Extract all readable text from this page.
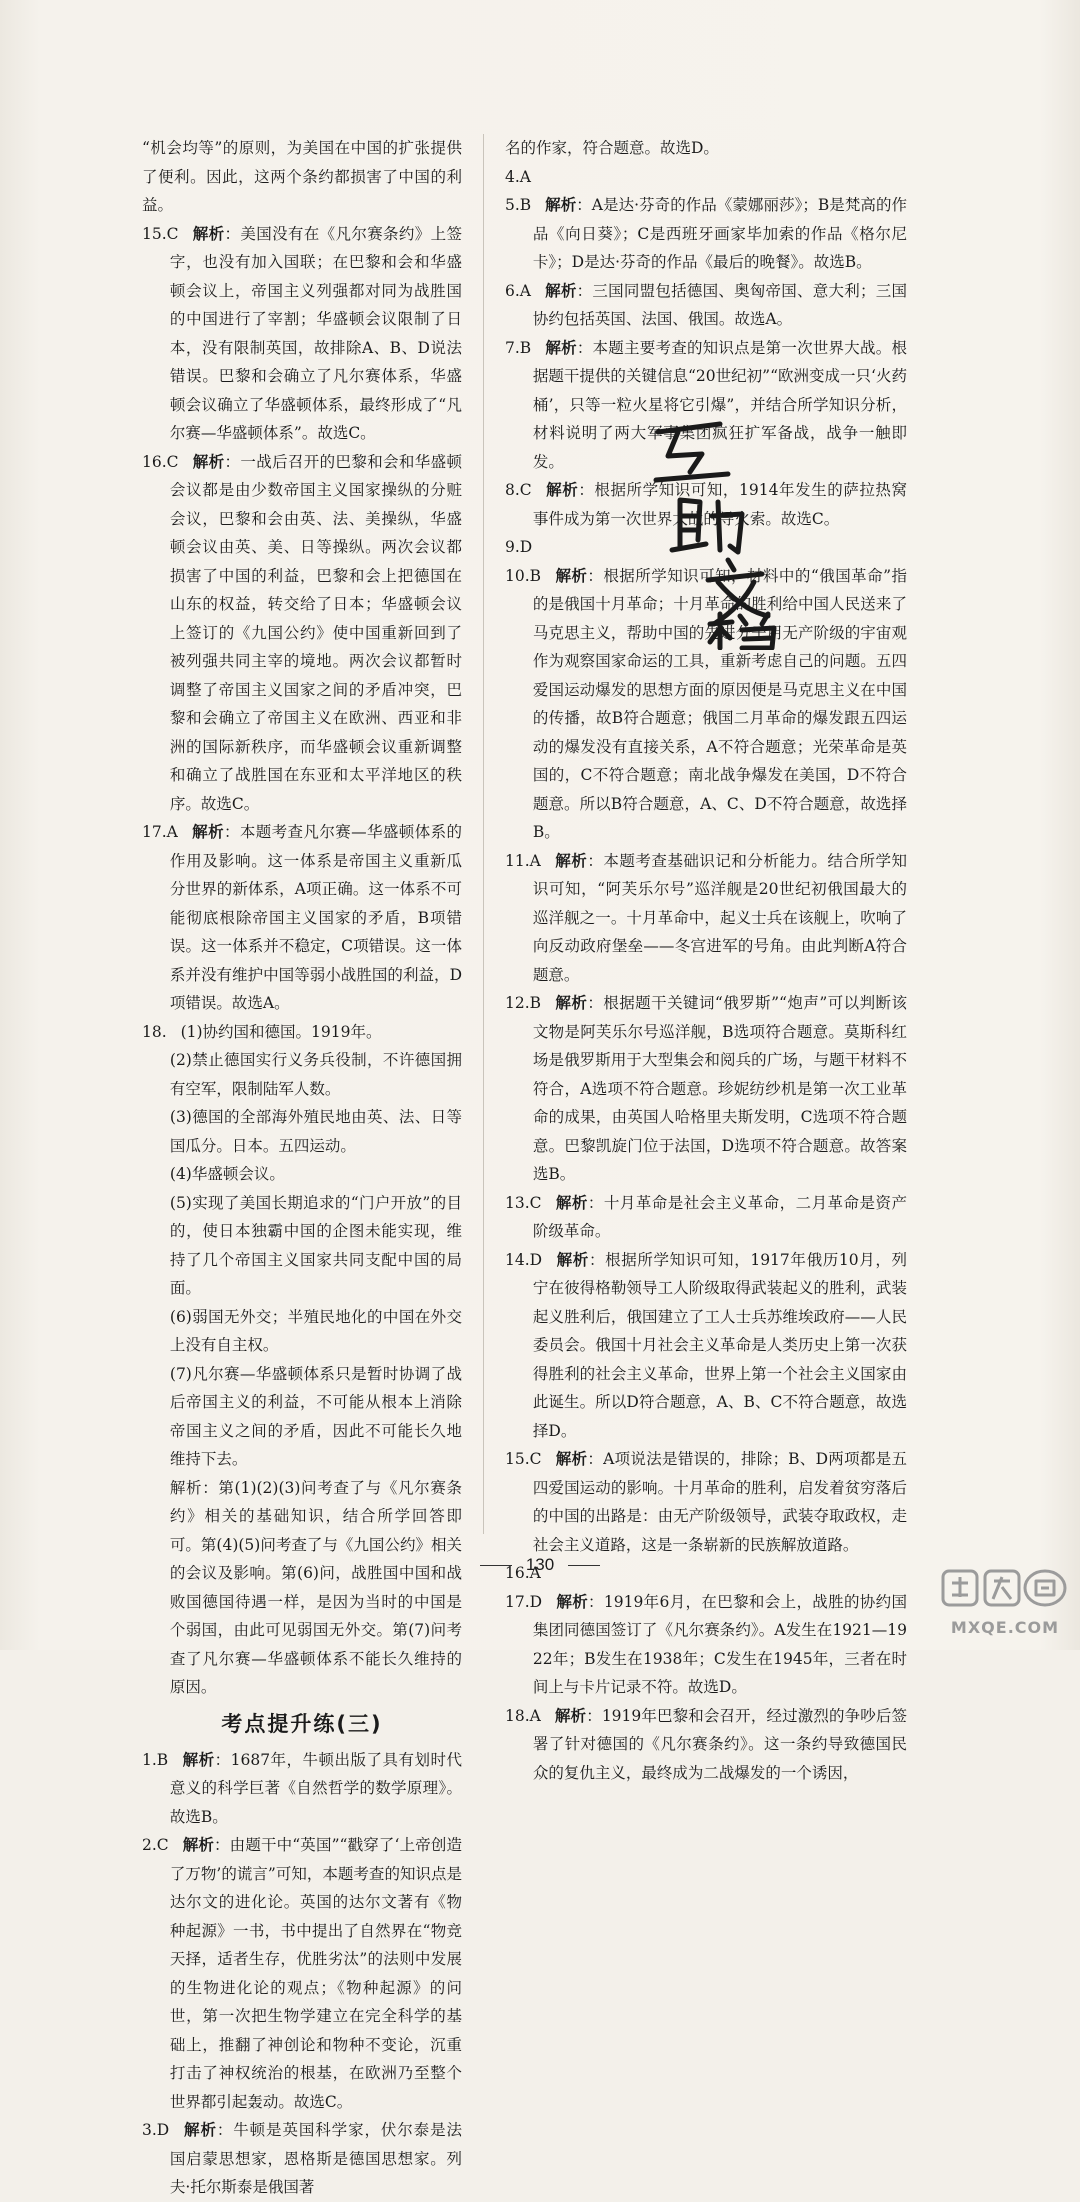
“机会均等”的原则，为美国在中国的扩张提供了便利。因此，这两个条约都损害了中国的利益。

15.C 解析：美国没有在《凡尔赛条约》上签字，也没有加入国联；在巴黎和会和华盛顿会议上，帝国主义列强都对同为战胜国的中国进行了宰割；华盛顿会议限制了日本，没有限制英国，故排除A、B、D说法错误。巴黎和会确立了凡尔赛体系，华盛顿会议确立了华盛顿体系，最终形成了“凡尔赛—华盛顿体系”。故选C。

16.C 解析：一战后召开的巴黎和会和华盛顿会议都是由少数帝国主义国家操纵的分赃会议，巴黎和会由英、法、美操纵，华盛顿会议由英、美、日等操纵。两次会议都损害了中国的利益，巴黎和会上把德国在山东的权益，转交给了日本；华盛顿会议上签订的《九国公约》使中国重新回到了被列强共同主宰的境地。两次会议都暂时调整了帝国主义国家之间的矛盾冲突，巴黎和会确立了帝国主义在欧洲、西亚和非洲的国际新秩序，而华盛顿会议重新调整和确立了战胜国在东亚和太平洋地区的秩序。故选C。

17.A 解析：本题考查凡尔赛—华盛顿体系的作用及影响。这一体系是帝国主义重新瓜分世界的新体系，A项正确。这一体系不可能彻底根除帝国主义国家的矛盾，B项错误。这一体系并不稳定，C项错误。这一体系并没有维护中国等弱小战胜国的利益，D项错误。故选A。

18. (1)协约国和德国。1919年。

(2)禁止德国实行义务兵役制，不许德国拥有空军，限制陆军人数。

(3)德国的全部海外殖民地由英、法、日等国瓜分。日本。五四运动。

(4)华盛顿会议。

(5)实现了美国长期追求的“门户开放”的目的，使日本独霸中国的企图未能实现，维持了几个帝国主义国家共同支配中国的局面。

(6)弱国无外交；半殖民地化的中国在外交上没有自主权。

(7)凡尔赛—华盛顿体系只是暂时协调了战后帝国主义的利益，不可能从根本上消除帝国主义之间的矛盾，因此不可能长久地维持下去。

解析：第(1)(2)(3)问考查了与《凡尔赛条约》相关的基础知识，结合所学回答即可。第(4)(5)问考查了与《九国公约》相关的会议及影响。第(6)问，战胜国中国和战败国德国待遇一样，是因为当时的中国是个弱国，由此可见弱国无外交。第(7)问考查了凡尔赛—华盛顿体系不能长久维持的原因。

考点提升练(三)

1.B 解析：1687年，牛顿出版了具有划时代意义的科学巨著《自然哲学的数学原理》。故选B。

2.C 解析：由题干中“英国”“戳穿了‘上帝创造了万物’的谎言”可知，本题考查的知识点是达尔文的进化论。英国的达尔文著有《物种起源》一书，书中提出了自然界在“物竞天择，适者生存，优胜劣汰”的法则中发展的生物进化论的观点；《物种起源》的问世，第一次把生物学建立在完全科学的基础上，推翻了神创论和物种不变论，沉重打击了神权统治的根基，在欧洲乃至整个世界都引起轰动。故选C。

3.D 解析：牛顿是英国科学家，伏尔泰是法国启蒙思想家，恩格斯是德国思想家。列夫·托尔斯泰是俄国著

名的作家，符合题意。故选D。

4.A

5.B 解析：A是达·芬奇的作品《蒙娜丽莎》；B是梵高的作品《向日葵》；C是西班牙画家毕加索的作品《格尔尼卡》；D是达·芬奇的作品《最后的晚餐》。故选B。

6.A 解析：三国同盟包括德国、奥匈帝国、意大利；三国协约包括英国、法国、俄国。故选A。

7.B 解析：本题主要考查的知识点是第一次世界大战。根据题干提供的关键信息“20世纪初”“欧洲变成一只‘火药桶’，只等一粒火星将它引爆”，并结合所学知识分析，材料说明了两大军事集团疯狂扩军备战，战争一触即发。

8.C 解析：根据所学知识可知，1914年发生的萨拉热窝事件成为第一次世界大战的导火索。故选C。

9.D

10.B 解析：根据所学知识可知，材料中的“俄国革命”指的是俄国十月革命；十月革命的胜利给中国人民送来了马克思主义，帮助中国的先进分子用无产阶级的宇宙观作为观察国家命运的工具，重新考虑自己的问题。五四爱国运动爆发的思想方面的原因便是马克思主义在中国的传播，故B符合题意；俄国二月革命的爆发跟五四运动的爆发没有直接关系，A不符合题意；光荣革命是英国的，C不符合题意；南北战争爆发在美国，D不符合题意。所以B符合题意，A、C、D不符合题意，故选择B。

11.A 解析：本题考查基础识记和分析能力。结合所学知识可知，“阿芙乐尔号”巡洋舰是20世纪初俄国最大的巡洋舰之一。十月革命中，起义士兵在该舰上，吹响了向反动政府堡垒——冬宫进军的号角。由此判断A符合题意。

12.B 解析：根据题干关键词“俄罗斯”“炮声”可以判断该文物是阿芙乐尔号巡洋舰，B选项符合题意。莫斯科红场是俄罗斯用于大型集会和阅兵的广场，与题干材料不符合，A选项不符合题意。珍妮纺纱机是第一次工业革命的成果，由英国人哈格里夫斯发明，C选项不符合题意。巴黎凯旋门位于法国，D选项不符合题意。故答案选B。

13.C 解析：十月革命是社会主义革命，二月革命是资产阶级革命。

14.D 解析：根据所学知识可知，1917年俄历10月，列宁在彼得格勒领导工人阶级取得武装起义的胜利，武装起义胜利后，俄国建立了工人士兵苏维埃政府——人民委员会。俄国十月社会主义革命是人类历史上第一次获得胜利的社会主义革命，世界上第一个社会主义国家由此诞生。所以D符合题意，A、B、C不符合题意，故选择D。

15.C 解析：A项说法是错误的，排除；B、D两项都是五四爱国运动的影响。十月革命的胜利，启发着贫穷落后的中国的出路是：由无产阶级领导，武装夺取政权，走社会主义道路，这是一条崭新的民族解放道路。

16.A

17.D 解析：1919年6月，在巴黎和会上，战胜的协约国集团同德国签订了《凡尔赛条约》。A发生在1921—1922年；B发生在1938年；C发生在1945年，三者在时间上与卡片记录不符。故选D。

18.A 解析：1919年巴黎和会召开，经过激烈的争吵后签署了针对德国的《凡尔赛条约》。这一条约导致德国民众的复仇主义，最终成为二战爆发的一个诱因，

130
MXQE.COM
